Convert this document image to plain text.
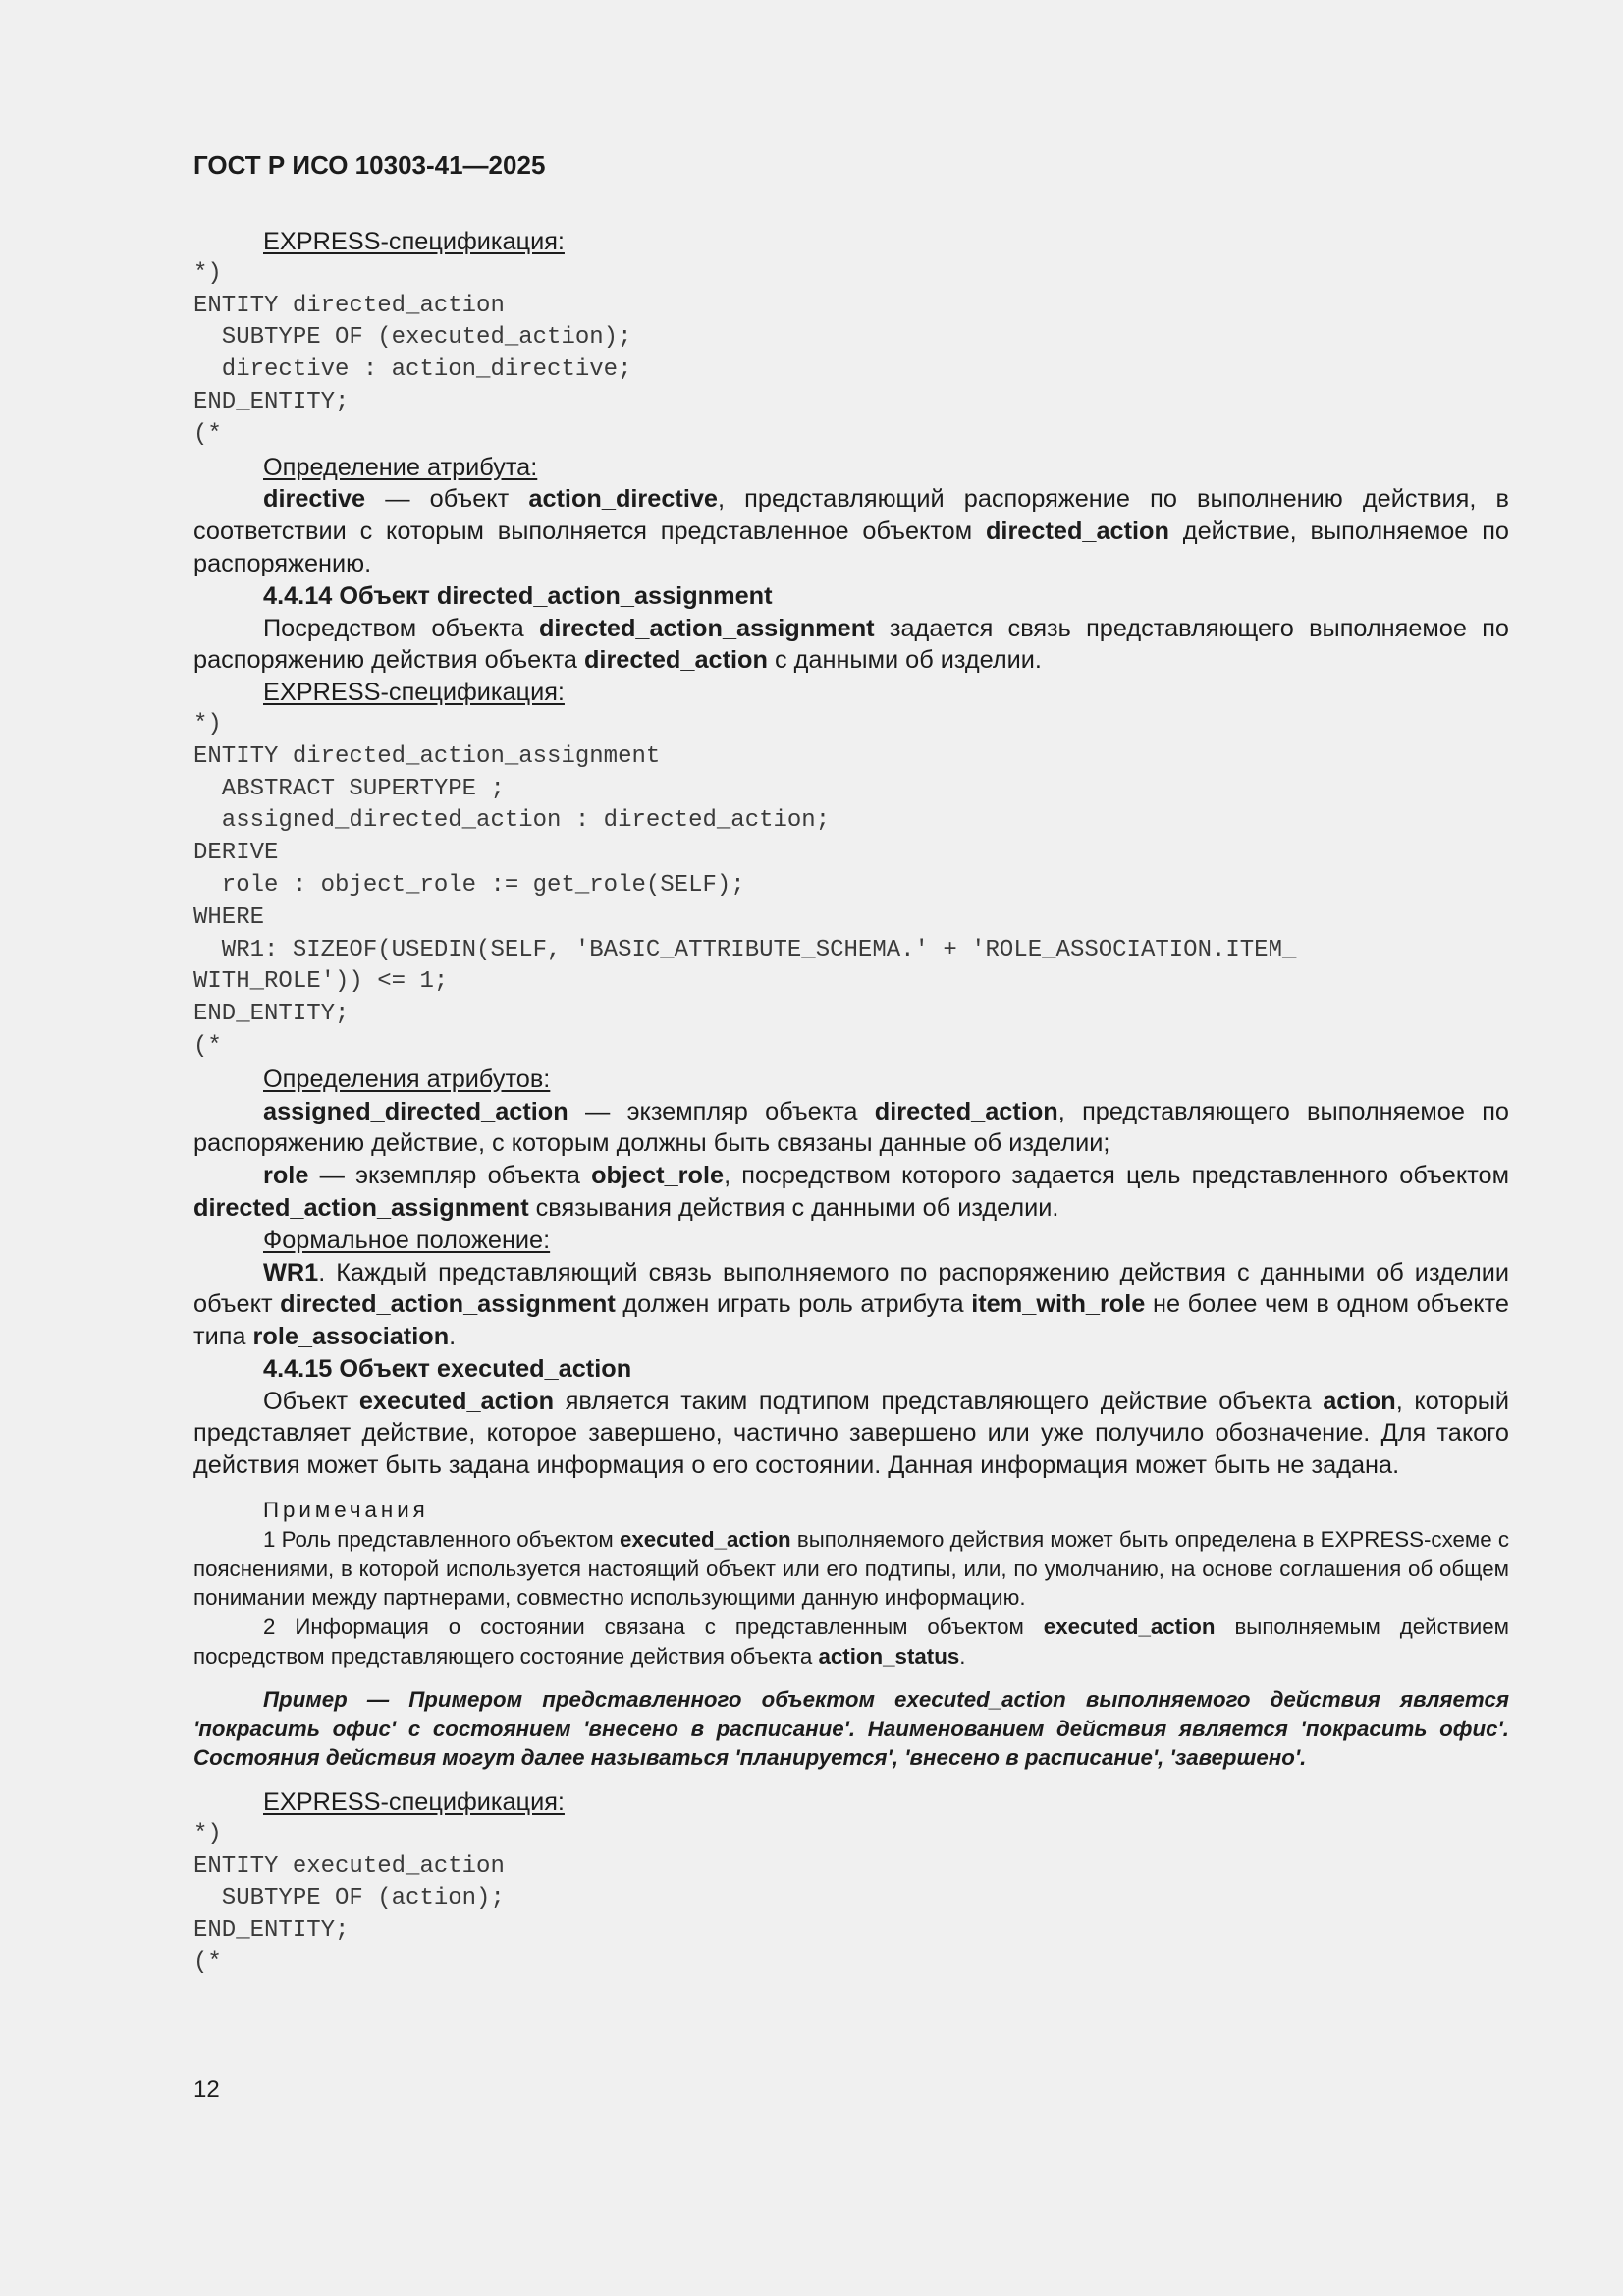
ГОСТ Р ИСО 10303-41—2025
EXPRESS-спецификация:
*)
ENTITY directed_action
SUBTYPE OF (executed_action);
directive : action_directive;
END_ENTITY;
(*
Определение атрибута:

directive — объект action_directive, представляющий распоряжение по выполнению действия, в соответствии с которым выполняется представленное объектом directed_action действие, выполняемое по распоряжению.

4.4.14 Объект directed_action_assignment

Посредством объекта directed_action_assignment задается связь представляющего выполняемое по распоряжению действия объекта directed_action с данными об изделии.

EXPRESS-спецификация:
*)
ENTITY directed_action_assignment
ABSTRACT SUPERTYPE ;
assigned_directed_action : directed_action;
DERIVE
role : object_role := get_role(SELF);
WHERE
WR1: SIZEOF(USEDIN(SELF, 'BASIC_ATTRIBUTE_SCHEMA.' + 'ROLE_ASSOCIATION.ITEM_
WITH_ROLE')) <= 1;
END_ENTITY;
(*
Определения атрибутов:

assigned_directed_action — экземпляр объекта directed_action, представляющего выполняемое по распоряжению действие, с которым должны быть связаны данные об изделии;

role — экземпляр объекта object_role, посредством которого задается цель представленного объектом directed_action_assignment связывания действия с данными об изделии.

Формальное положение:

WR1. Каждый представляющий связь выполняемого по распоряжению действия с данными об изделии объект directed_action_assignment должен играть роль атрибута item_with_role не более чем в одном объекте типа role_association.

4.4.15 Объект executed_action

Объект executed_action является таким подтипом представляющего действие объекта action, который представляет действие, которое завершено, частично завершено или уже получило обозначение. Для такого действия может быть задана информация о его состоянии. Данная информация может быть не задана.

Примечания

1 Роль представленного объектом executed_action выполняемого действия может быть определена в EXPRESS-схеме с пояснениями, в которой используется настоящий объект или его подтипы, или, по умолчанию, на основе соглашения об общем понимании между партнерами, совместно использующими данную информацию.

2 Информация о состоянии связана с представленным объектом executed_action выполняемым действием посредством представляющего состояние действия объекта action_status.

Пример — Примером представленного объектом executed_action выполняемого действия является 'покрасить офис' с состоянием 'внесено в расписание'. Наименованием действия является 'покрасить офис'. Состояния действия могут далее называться 'планируется', 'внесено в расписание', 'завершено'.

EXPRESS-спецификация:
*)
ENTITY executed_action
SUBTYPE OF (action);
END_ENTITY;
(*
12
